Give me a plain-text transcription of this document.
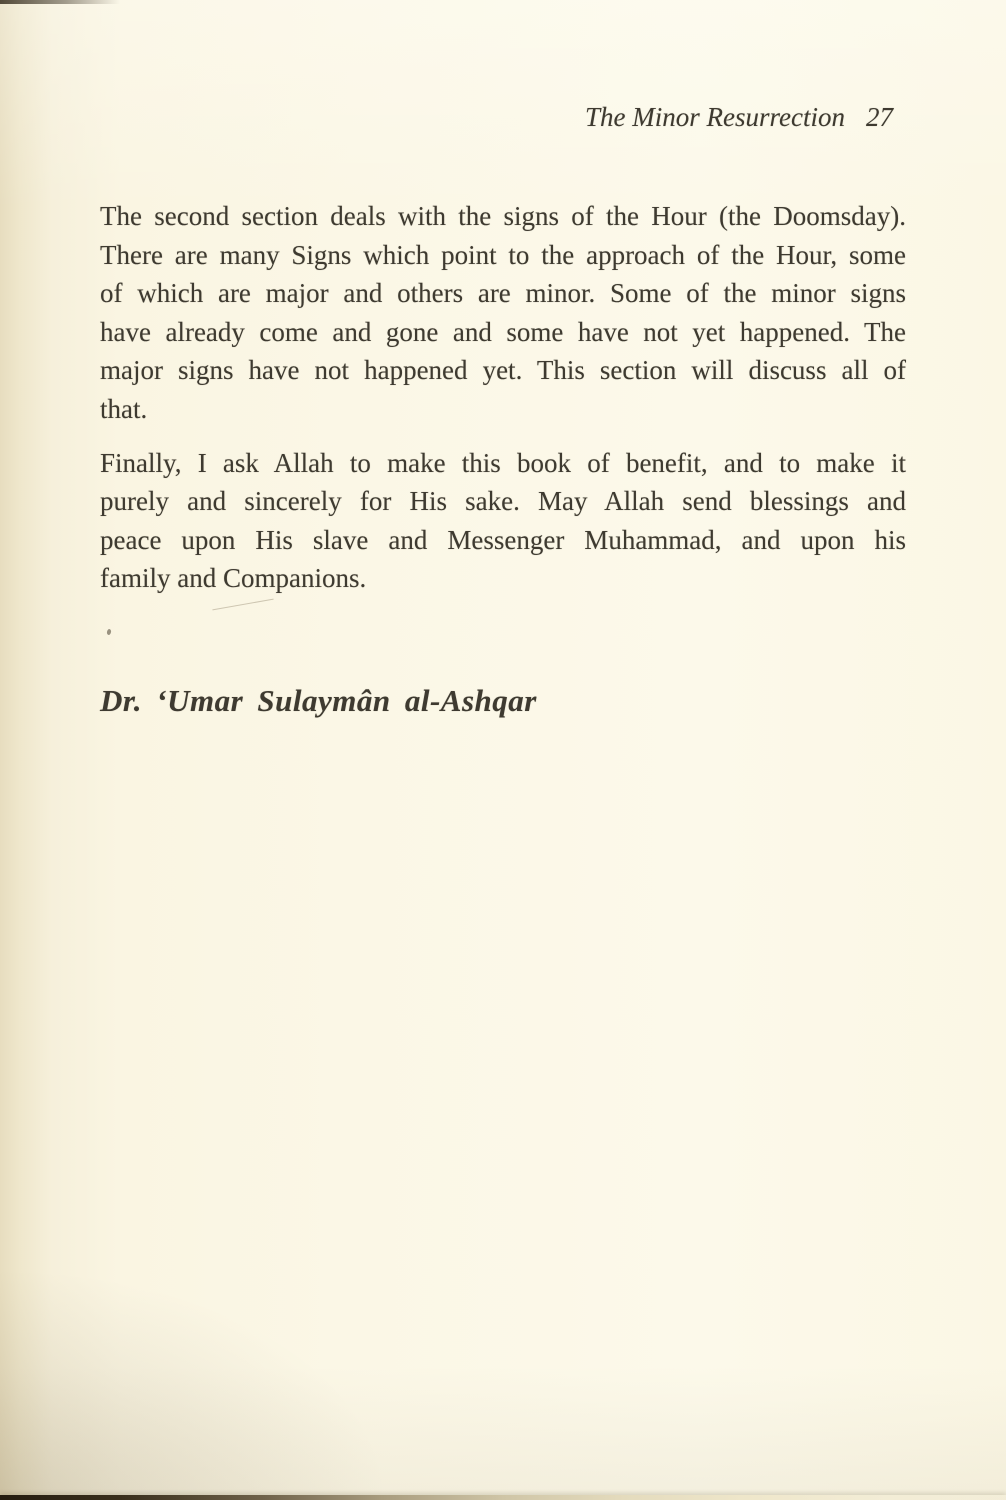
The Minor Resurrection 27
The second section deals with the signs of the Hour (the Doomsday).
There are many Signs which point to the approach of the Hour, some
of which are major and others are minor. Some of the minor signs
have already come and gone and some have not yet happened. The
major signs have not happened yet. This section will discuss all of
that.
Finally, I ask Allah to make this book of benefit, and to make it
purely and sincerely for His sake. May Allah send blessings and
peace upon His slave and Messenger Muhammad, and upon his
family and Companions.
Dr. ‘Umar Sulaymân al-Ashqar
